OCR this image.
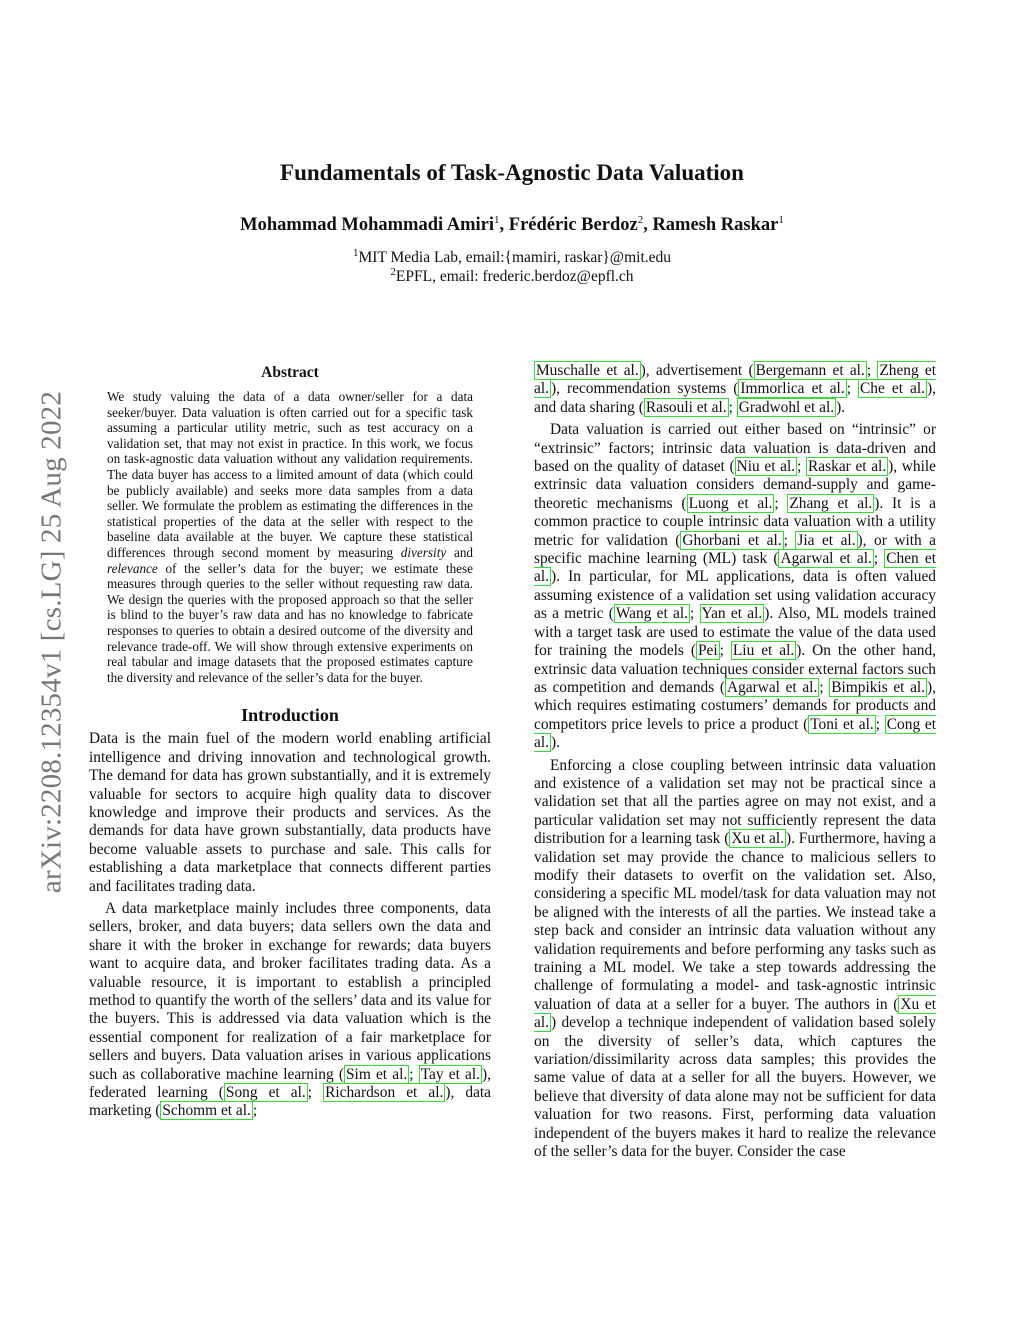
arXiv:2208.12354v1 [cs.LG] 25 Aug 2022
Fundamentals of Task-Agnostic Data Valuation
Mohammad Mohammadi Amiri$^1$, Frédéric Berdoz$^2$, Ramesh Raskar$^1$
$^1$MIT Media Lab, email:{mamiri, raskar}@mit.edu
$^2$EPFL, email: frederic.berdoz@epfl.ch
Abstract

We study valuing the data of a data owner/seller for a data seeker/buyer. Data valuation is often carried out for a specific task assuming a particular utility metric, such as test accuracy on a validation set, that may not exist in practice. In this work, we focus on task-agnostic data valuation without any validation requirements. The data buyer has access to a limited amount of data (which could be publicly available) and seeks more data samples from a data seller. We formulate the problem as estimating the differences in the statistical properties of the data at the seller with respect to the baseline data available at the buyer. We capture these statistical differences through second moment by measuring diversity and relevance of the seller’s data for the buyer; we estimate these measures through queries to the seller without requesting raw data. We design the queries with the proposed approach so that the seller is blind to the buyer’s raw data and has no knowledge to fabricate responses to queries to obtain a desired outcome of the diversity and relevance trade-off. We will show through extensive experiments on real tabular and image datasets that the proposed estimates capture the diversity and relevance of the seller’s data for the buyer.

Introduction

Data is the main fuel of the modern world enabling artificial intelligence and driving innovation and technological growth. The demand for data has grown substantially, and it is extremely valuable for sectors to acquire high quality data to discover knowledge and improve their products and services. As the demands for data have grown substantially, data products have become valuable assets to purchase and sale. This calls for establishing a data marketplace that connects different parties and facilitates trading data.

A data marketplace mainly includes three components, data sellers, broker, and data buyers; data sellers own the data and share it with the broker in exchange for rewards; data buyers want to acquire data, and broker facilitates trading data. As a valuable resource, it is important to establish a principled method to quantify the worth of the sellers’ data and its value for the buyers. This is addressed via data valuation which is the essential component for realization of a fair marketplace for sellers and buyers. Data valuation arises in various applications such as collaborative machine learning ( Sim et al. ; Tay et al. ), federated learning ( Song et al. ; Richardson et al. ), data marketing ( Schomm et al. ;

Muschalle et al. ), advertisement ( Bergemann et al. ; Zheng et al. ), recommendation systems ( Immorlica et al. ; Che et al. ), and data sharing ( Rasouli et al. ; Gradwohl et al. ).

Data valuation is carried out either based on “intrinsic” or “extrinsic” factors; intrinsic data valuation is data-driven and based on the quality of dataset ( Niu et al. ; Raskar et al. ), while extrinsic data valuation considers demand-supply and game-theoretic mechanisms ( Luong et al. ; Zhang et al. ). It is a common practice to couple intrinsic data valuation with a utility metric for validation ( Ghorbani et al. ; Jia et al. ), or with a specific machine learning (ML) task ( Agarwal et al. ; Chen et al. ). In particular, for ML applications, data is often valued assuming existence of a validation set using validation accuracy as a metric ( Wang et al. ; Yan et al. ). Also, ML models trained with a target task are used to estimate the value of the data used for training the models ( Pei ; Liu et al. ). On the other hand, extrinsic data valuation techniques consider external factors such as competition and demands ( Agarwal et al. ; Bimpikis et al. ), which requires estimating costumers’ demands for products and competitors price levels to price a product ( Toni et al. ; Cong et al. ).

Enforcing a close coupling between intrinsic data valuation and existence of a validation set may not be practical since a validation set that all the parties agree on may not exist, and a particular validation set may not sufficiently represent the data distribution for a learning task ( Xu et al. ). Furthermore, having a validation set may provide the chance to malicious sellers to modify their datasets to overfit on the validation set. Also, considering a specific ML model/task for data valuation may not be aligned with the interests of all the parties. We instead take a step back and consider an intrinsic data valuation without any validation requirements and before performing any tasks such as training a ML model. We take a step towards addressing the challenge of formulating a model- and task-agnostic intrinsic valuation of data at a seller for a buyer. The authors in ( Xu et al. ) develop a technique independent of validation based solely on the diversity of seller’s data, which captures the variation/dissimilarity across data samples; this provides the same value of data at a seller for all the buyers. However, we believe that diversity of data alone may not be sufficient for data valuation for two reasons. First, performing data valuation independent of the buyers makes it hard to realize the relevance of the seller’s data for the buyer. Consider the case
